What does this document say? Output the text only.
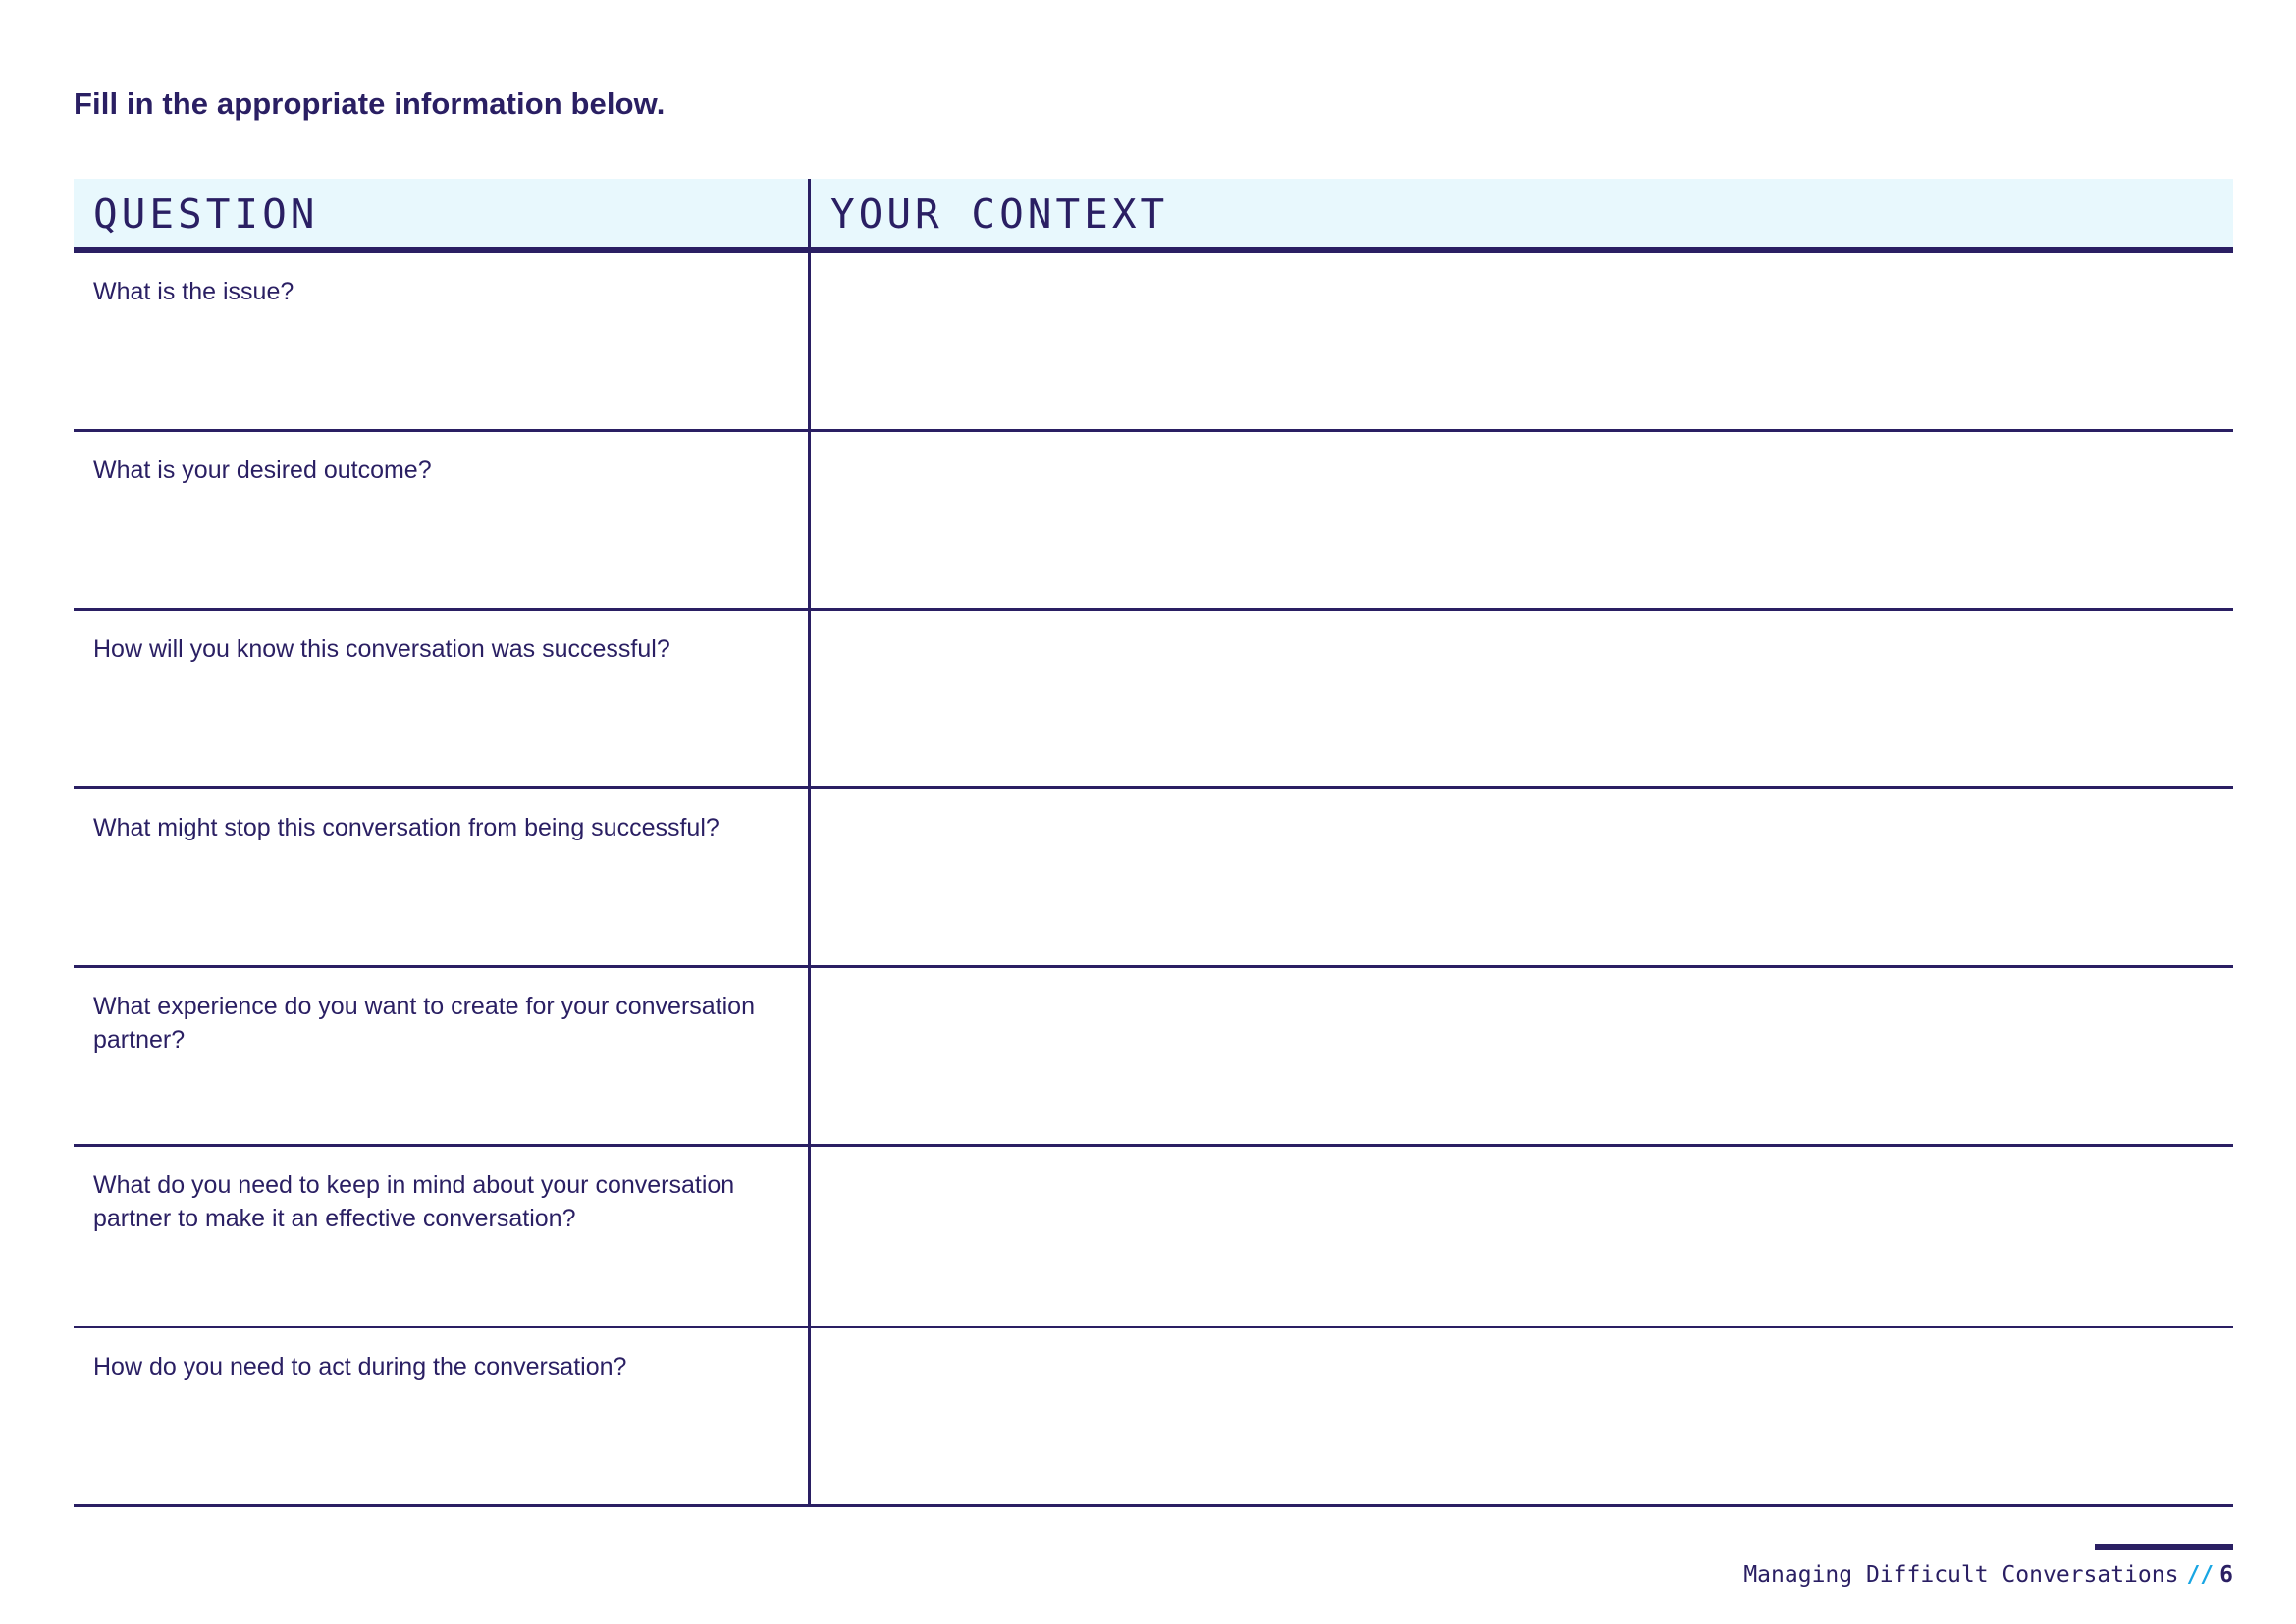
Fill in the appropriate information below.
QUESTION	YOUR CONTEXT
What is the issue?
What is your desired outcome?
How will you know this conversation was successful?
What might stop this conversation from being successful?
What experience do you want to create for your conversation partner?
What do you need to keep in mind about your conversation partner to make it an effective conversation?
How do you need to act during the conversation?
Managing Difficult Conversations // 6
